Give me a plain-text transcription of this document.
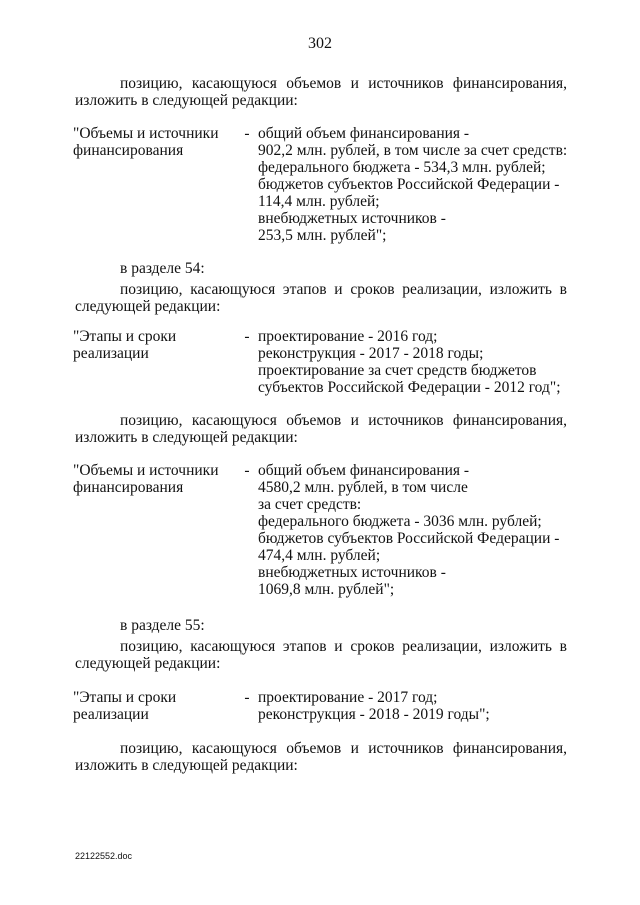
302
позицию, касающуюся объемов и источников финансирования,
изложить в следующей редакции:
"Объемы и источники
финансирования
- общий объем финансирования -
902,2 млн. рублей, в том числе за счет средств:
федерального бюджета - 534,3 млн. рублей;
бюджетов субъектов Российской Федерации -
114,4 млн. рублей;
внебюджетных источников -
253,5 млн. рублей";
в разделе 54:
позицию, касающуюся этапов и сроков реализации, изложить в
следующей редакции:
"Этапы и сроки
реализации
- проектирование - 2016 год;
реконструкция - 2017 - 2018 годы;
проектирование за счет средств бюджетов
субъектов Российской Федерации - 2012 год";
позицию, касающуюся объемов и источников финансирования,
изложить в следующей редакции:
"Объемы и источники
финансирования
- общий объем финансирования -
4580,2 млн. рублей, в том числе
за счет средств:
федерального бюджета - 3036 млн. рублей;
бюджетов субъектов Российской Федерации -
474,4 млн. рублей;
внебюджетных источников -
1069,8 млн. рублей";
в разделе 55:
позицию, касающуюся этапов и сроков реализации, изложить в
следующей редакции:
"Этапы и сроки
реализации
- проектирование - 2017 год;
реконструкция - 2018 - 2019 годы";
позицию, касающуюся объемов и источников финансирования,
изложить в следующей редакции:
22122552.doc
